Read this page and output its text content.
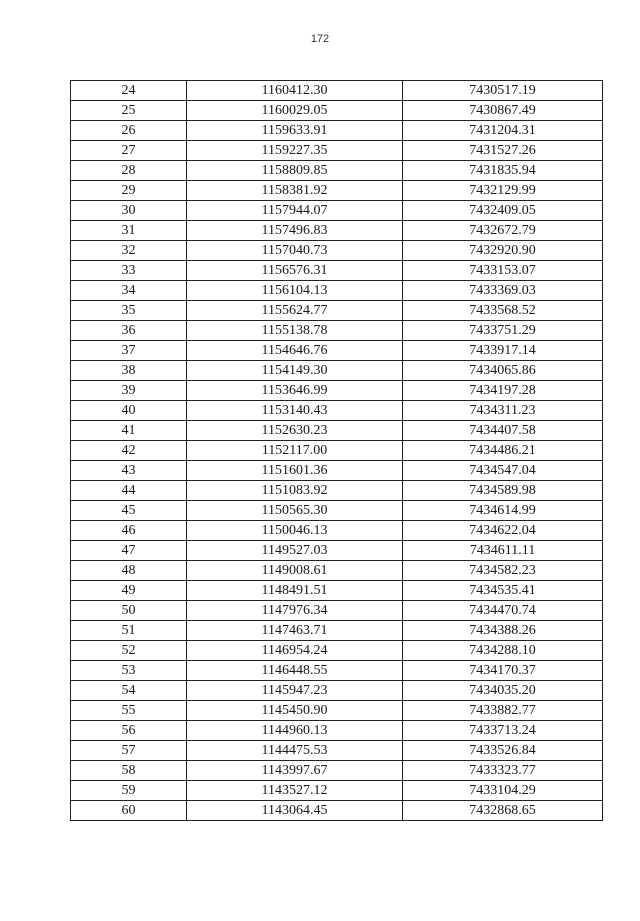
172
24	1160412.30	7430517.19
25	1160029.05	7430867.49
26	1159633.91	7431204.31
27	1159227.35	7431527.26
28	1158809.85	7431835.94
29	1158381.92	7432129.99
30	1157944.07	7432409.05
31	1157496.83	7432672.79
32	1157040.73	7432920.90
33	1156576.31	7433153.07
34	1156104.13	7433369.03
35	1155624.77	7433568.52
36	1155138.78	7433751.29
37	1154646.76	7433917.14
38	1154149.30	7434065.86
39	1153646.99	7434197.28
40	1153140.43	7434311.23
41	1152630.23	7434407.58
42	1152117.00	7434486.21
43	1151601.36	7434547.04
44	1151083.92	7434589.98
45	1150565.30	7434614.99
46	1150046.13	7434622.04
47	1149527.03	7434611.11
48	1149008.61	7434582.23
49	1148491.51	7434535.41
50	1147976.34	7434470.74
51	1147463.71	7434388.26
52	1146954.24	7434288.10
53	1146448.55	7434170.37
54	1145947.23	7434035.20
55	1145450.90	7433882.77
56	1144960.13	7433713.24
57	1144475.53	7433526.84
58	1143997.67	7433323.77
59	1143527.12	7433104.29
60	1143064.45	7432868.65
